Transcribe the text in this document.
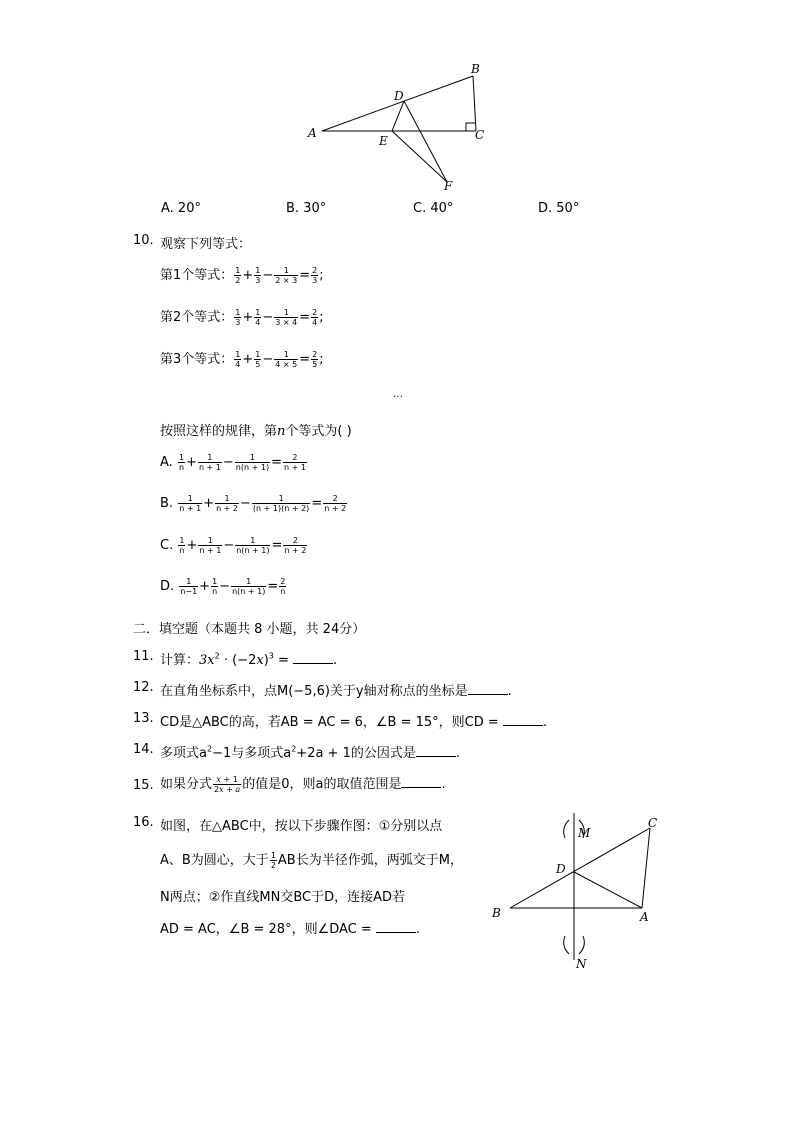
A
B
C
D
E
F
A. 20°	B. 30°	C. 40°	D. 50°
10. 观察下列等式：
第1个等式： $\frac{1}{2} + \frac{1}{3} - \frac{1}{2 \times 3} = \frac{2}{3}$ ;
第2个等式： $\frac{1}{3} + \frac{1}{4} - \frac{1}{3 \times 4} = \frac{2}{4}$ ;
第3个等式： $\frac{1}{4} + \frac{1}{5} - \frac{1}{4 \times 5} = \frac{2}{5}$ ;
…
按照这样的规律，第n个等式为( )
A. $\frac{1}{n} + \frac{1}{n + 1} - \frac{1}{n(n + 1)} = \frac{2}{n + 1}$
B. $\frac{1}{n + 1} + \frac{1}{n + 2} - \frac{1}{(n + 1)(n + 2)} = \frac{2}{n + 2}$
C. $\frac{1}{n} + \frac{1}{n + 1} - \frac{1}{n(n + 1)} = \frac{2}{n + 2}$
D. $\frac{1}{n-1} + \frac{1}{n} - \frac{1}{n(n + 1)} = \frac{2}{n}$
二．填空题（本题共 8 小题，共 24分）
11. 计算：$3x^2 \cdot (-2x)^3$ =	.
12. 在直角坐标系中，点M(−5,6)关于y轴对称点的坐标是	.
13. CD是△ABC的高，若AB = AC = 6，∠B = 15°，则CD =	.
14. 多项式$a^2-1$与多项式$a^2+2a + 1$的公因式是	.
15. 如果分式 $\frac{x + 1}{2x + a}$ 的值是0，则a的取值范围是	.
16. 如图，在△ABC中，按以下步骤作图：①分别以点
A、B为圆心，大于 $\frac{1}{2}$ AB长为半径作弧，两弧交于M，
N两点；②作直线MN交BC于D，连接AD若
AD = AC，∠B = 28°，则∠DAC =	.
M
C
D
B	A
N
